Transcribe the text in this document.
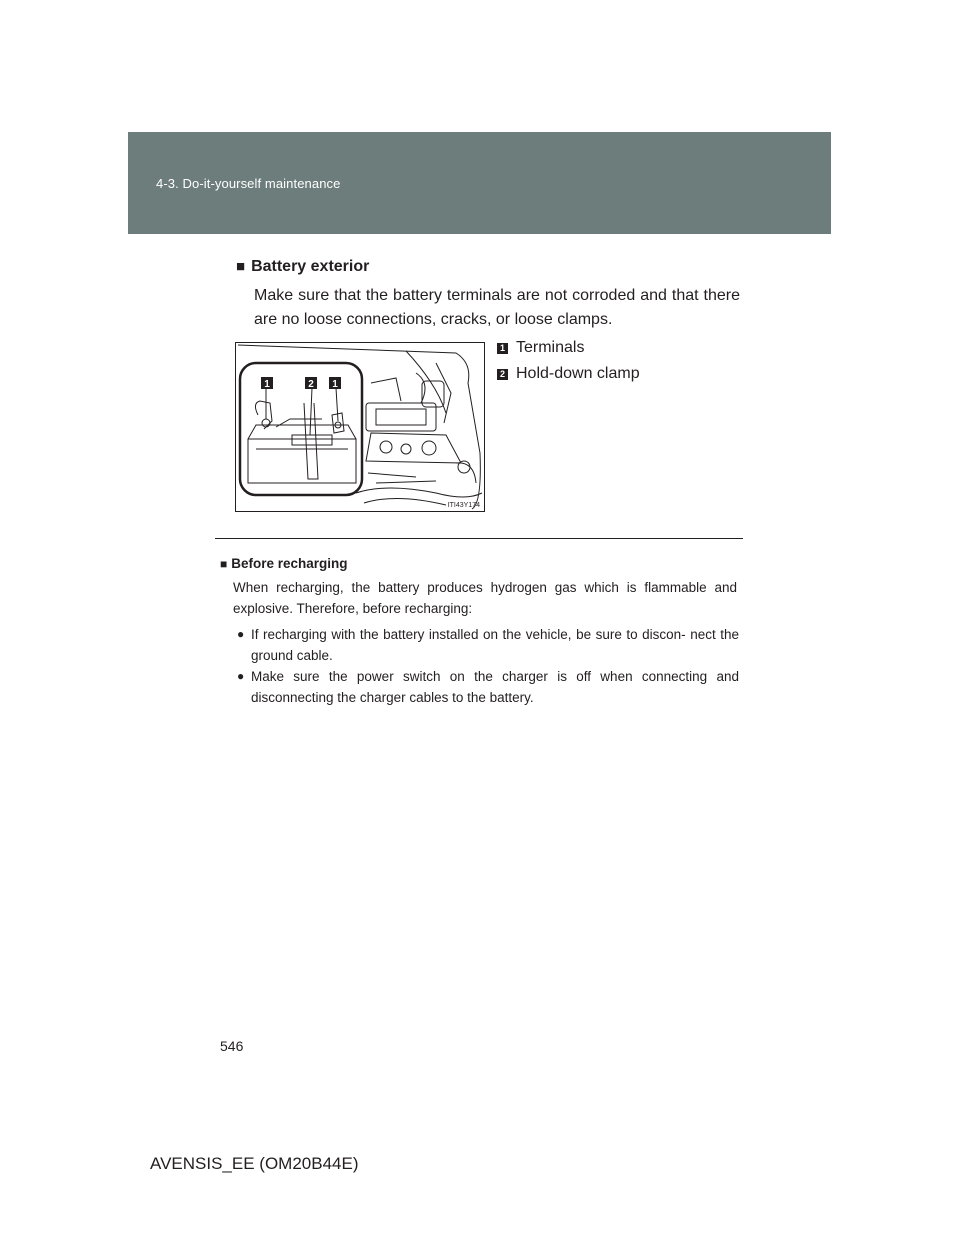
4-3. Do-it-yourself maintenance
■ Battery exterior
Make sure that the battery terminals are not corroded and that there are no loose connections, cracks, or loose clamps.
1	2 1
ITI43Y174
1 Terminals
2 Hold-down clamp
■ Before recharging
When recharging, the battery produces hydrogen gas which is flammable and explosive. Therefore, before recharging:
● If recharging with the battery installed on the vehicle, be sure to discon- nect the ground cable.
● Make sure the power switch on the charger is off when connecting and disconnecting the charger cables to the battery.
546
AVENSIS_EE (OM20B44E)
